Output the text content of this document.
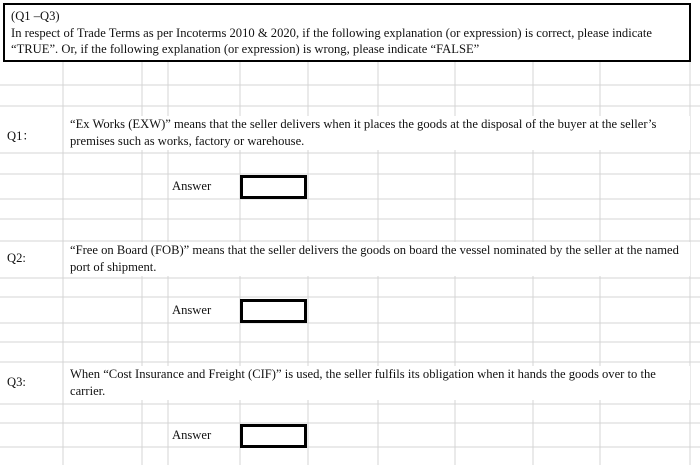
(Q1 –Q3)
In respect of Trade Terms as per Incoterms 2010 & 2020, if the following explanation (or expression) is correct, please indicate
“TRUE”. Or, if the following explanation (or expression) is wrong, please indicate “FALSE”
Q1：
“Ex Works (EXW)” means that the seller delivers when it places the goods at the disposal of the buyer at the seller’s premises such as works, factory or warehouse.
Answer
Q2:
“Free on Board (FOB)” means that the seller delivers the goods on board the vessel nominated by the seller at the named port of shipment.
Answer
Q3:
When “Cost Insurance and Freight (CIF)” is used, the seller fulfils its obligation when it hands the goods over to the carrier.
Answer
